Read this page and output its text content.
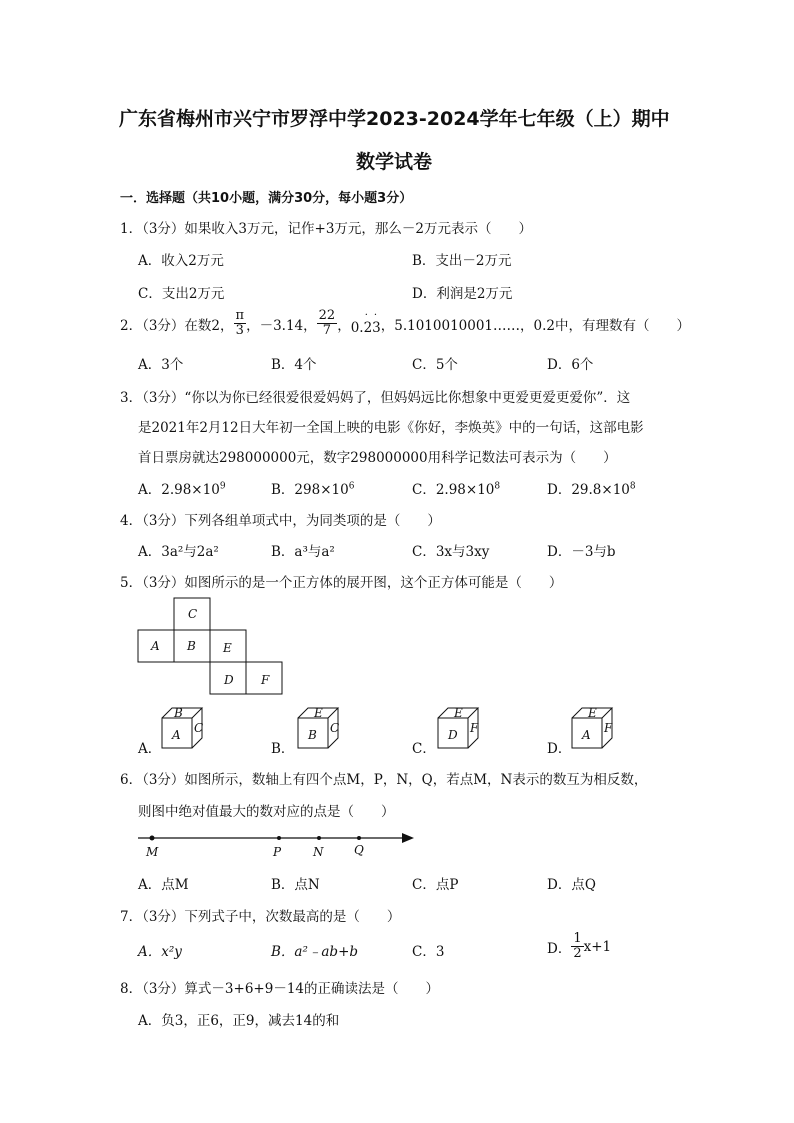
广东省梅州市兴宁市罗浮中学2023-2024学年七年级（上）期中
数学试卷
一．选择题（共10小题，满分30分，每小题3分）
1．（3分）如果收入3万元，记作+3万元，那么－2万元表示（　　）
A．收入2万元	B．支出－2万元
C．支出2万元	D．利润是2万元
2．（3分）在数2， $\frac{\pi}{3}$ ，－3.14， $\frac{22}{7}$ ，
··
0.23 ，5.1010010001……，0.2中，有理数有（　　）
A．3个	B．4个	C．5个	D．6个
3．（3分）“你以为你已经很爱很爱妈妈了，但妈妈远比你想象中更爱更爱更爱你”．这
是2021年2月12日大年初一全国上映的电影《你好，李焕英》中的一句话，这部电影
首日票房就达298000000元，数字298000000用科学记数法可表示为（　　）
A．$2.98\times 10^9$	B．$298\times 10^6$	C．$2.98\times 10^8$	D．$29.8\times 10^8$
4．（3分）下列各组单项式中，为同类项的是（　　）
A．3a²与2a²	B．a³与a²	C．3x与3xy	D．－3与b
5．（3分）如图所示的是一个正方体的展开图，这个正方体可能是（　　）
C
A B E
D F
A．
A
B
C
B．
B
E
C
C．
D
E
F
D．
A
E
F
6．（3分）如图所示，数轴上有四个点M，P，N，Q，若点M，N表示的数互为相反数，
则图中绝对值最大的数对应的点是（　　）
M	P	N	Q
A．点M	B．点N	C．点P	D．点Q
7．（3分）下列式子中，次数最高的是（　　）
A．x²y	B．a²﹣ab+b	C．3	D． $\frac{1}{2} x+1$
8．（3分）算式－3+6+9－14的正确读法是（　　）
A．负3，正6，正9，减去14的和
